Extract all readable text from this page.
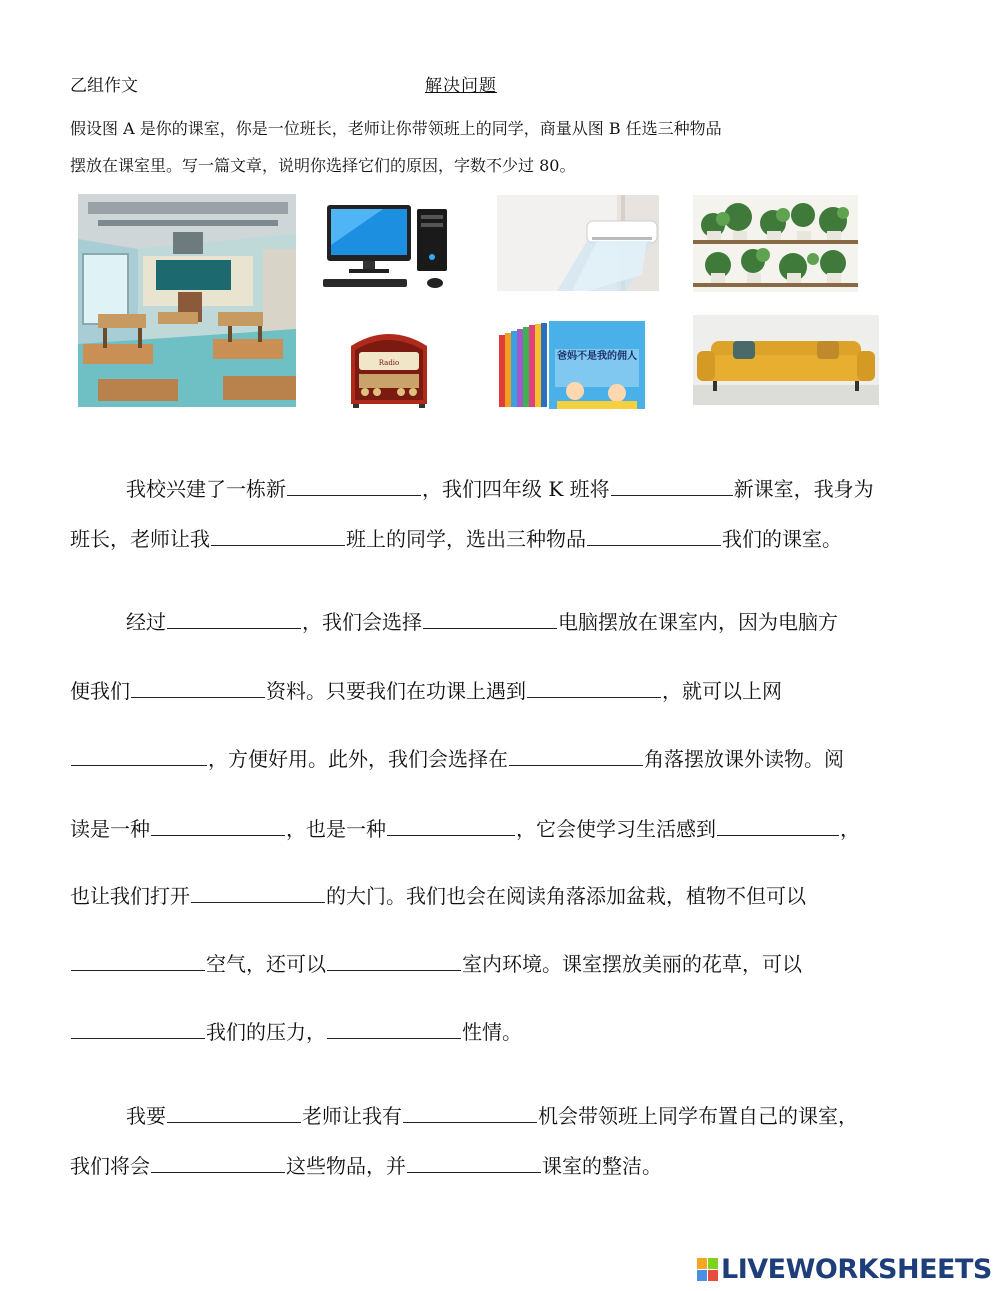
乙组作文	解决问题
假设图 A 是你的课室，你是一位班长，老师让你带领班上的同学，商量从图 B 任选三种物品
摆放在课室里。写一篇文章，说明你选择它们的原因，字数不少过 80。
Radio
爸妈不是我的佣人
我校兴建了一栋新	，我们四年级 K 班将	新课室，我身为
班长，老师让我	班上的同学，选出三种物品	我们的课室。
经过	，我们会选择	电脑摆放在课室内，因为电脑方
便我们	资料。只要我们在功课上遇到	，就可以上网
，方便好用。此外，我们会选择在	角落摆放课外读物。阅
读是一种	，也是一种	，它会使学习生活感到	，
也让我们打开	的大门。我们也会在阅读角落添加盆栽，植物不但可以
空气，还可以	室内环境。课室摆放美丽的花草，可以
我们的压力，	性情。
我要	老师让我有	机会带领班上同学布置自己的课室，
我们将会	这些物品，并	课室的整洁。
LIVEWORKSHEETS
